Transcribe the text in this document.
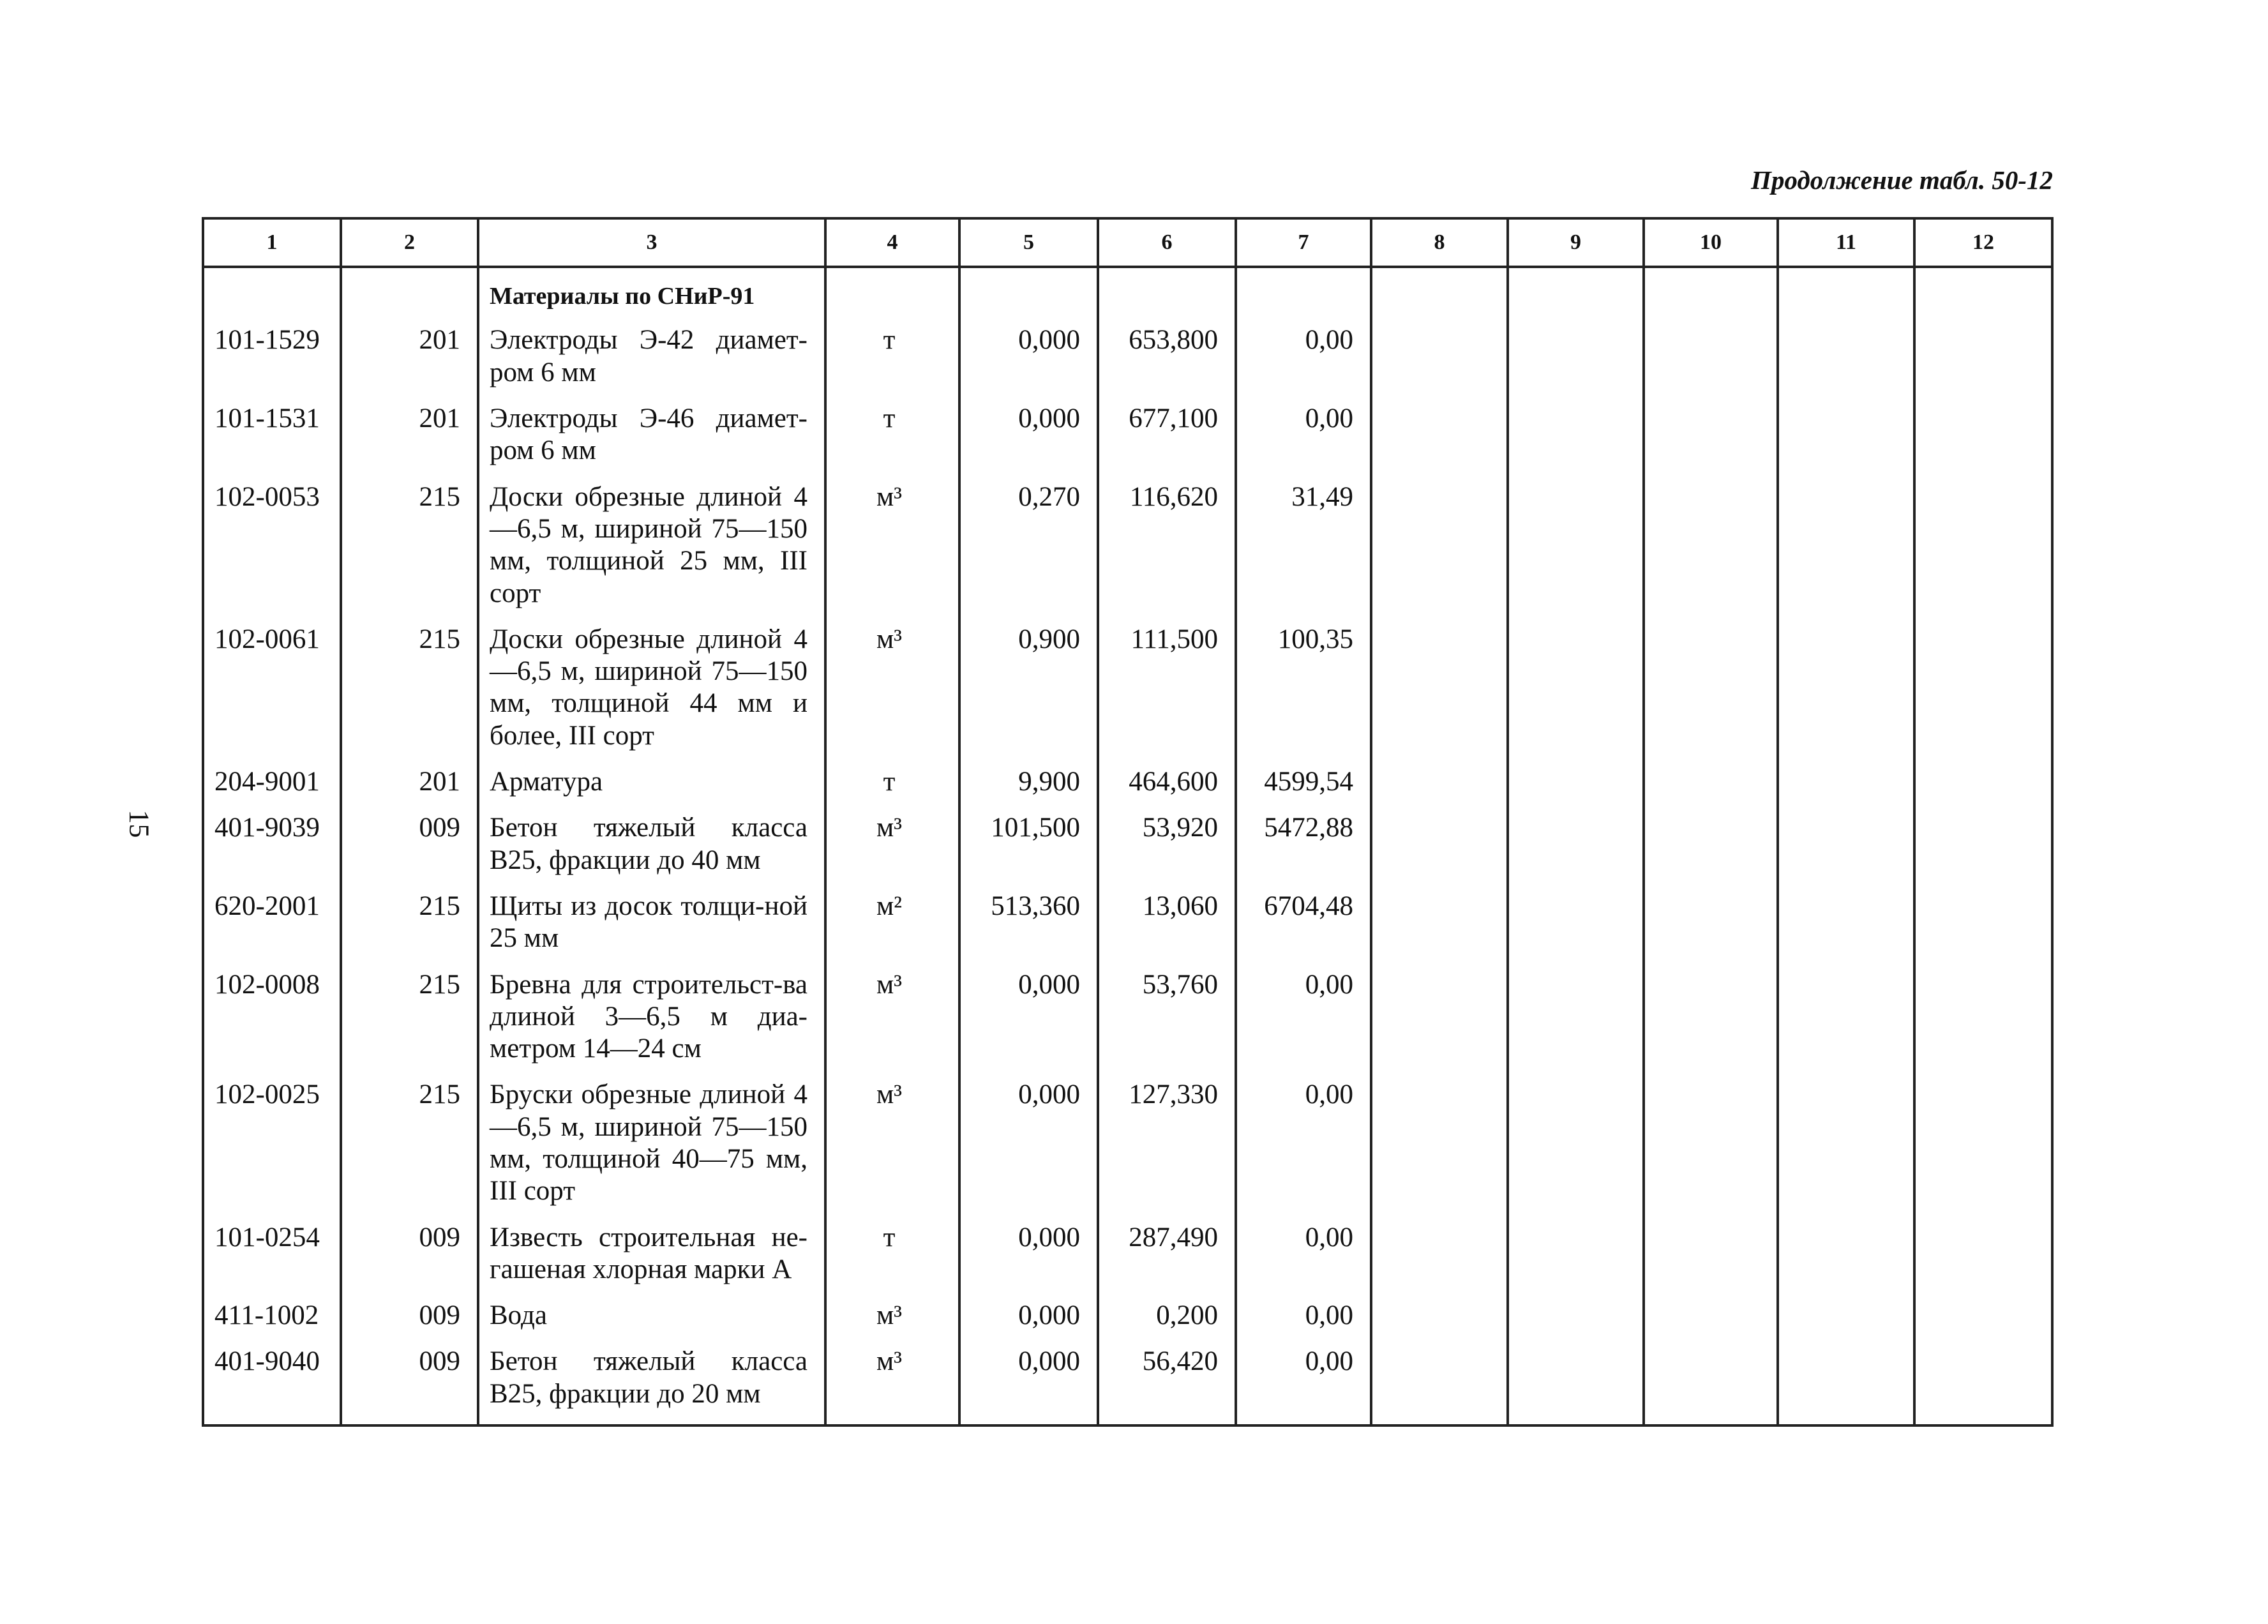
Продолжение табл. 50-12
15
1	2	3	4	5	6	7	8	9	10	11	12
		Материалы по СНиР-91									
101-1529	201	Электроды Э-42 диамет-ром 6 мм	т	0,000	653,800	0,00					
101-1531	201	Электроды Э-46 диамет-ром 6 мм	т	0,000	677,100	0,00					
102-0053	215	Доски обрезные длиной 4—6,5 м, шириной 75—150 мм, толщиной 25 мм, III сорт	м³	0,270	116,620	31,49					
102-0061	215	Доски обрезные длиной 4—6,5 м, шириной 75—150 мм, толщиной 44 мм и более, III сорт	м³	0,900	111,500	100,35					
204-9001	201	Арматура	т	9,900	464,600	4599,54					
401-9039	009	Бетон тяжелый класса В25, фракции до 40 мм	м³	101,500	53,920	5472,88					
620-2001	215	Щиты из досок толщи-ной 25 мм	м²	513,360	13,060	6704,48					
102-0008	215	Бревна для строительст-ва длиной 3—6,5 м диа-метром 14—24 см	м³	0,000	53,760	0,00					
102-0025	215	Бруски обрезные длиной 4—6,5 м, шириной 75—150 мм, толщиной 40—75 мм, III сорт	м³	0,000	127,330	0,00					
101-0254	009	Известь строительная не-гашеная хлорная марки А	т	0,000	287,490	0,00					
411-1002	009	Вода	м³	0,000	0,200	0,00					
401-9040	009	Бетон тяжелый класса В25, фракции до 20 мм	м³	0,000	56,420	0,00					
